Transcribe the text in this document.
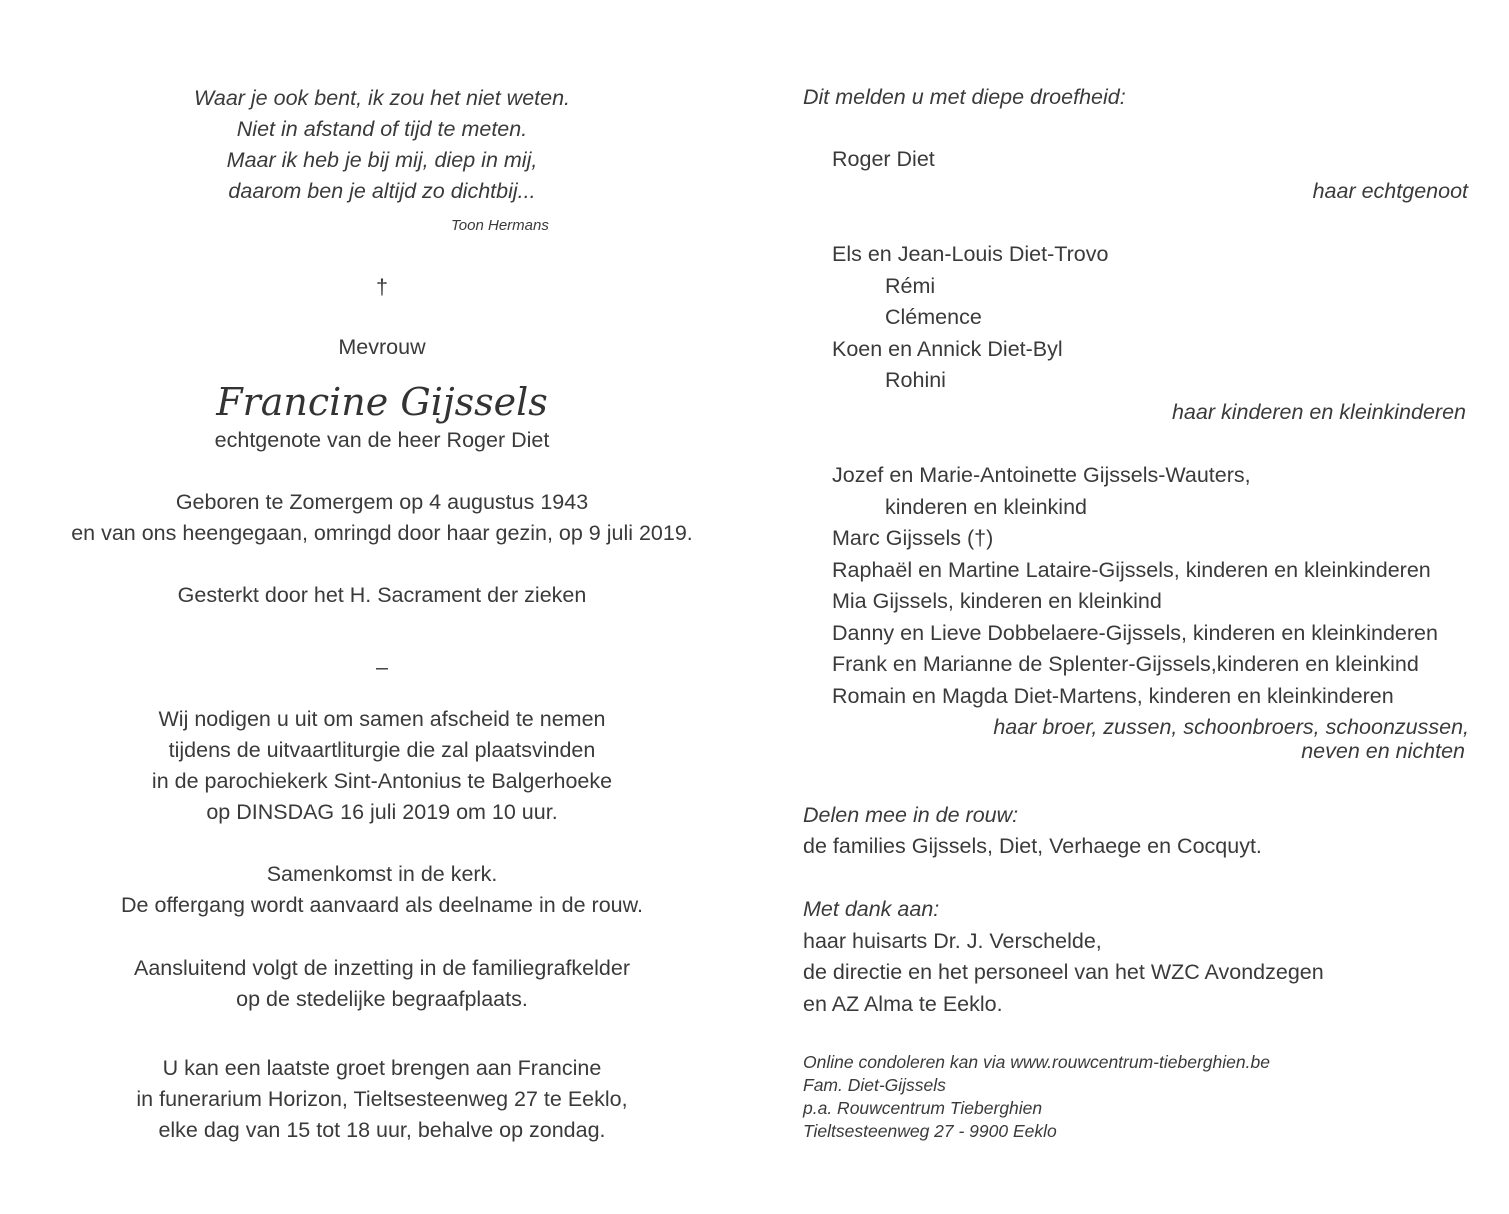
Waar je ook bent, ik zou het niet weten.
Niet in afstand of tijd te meten.
Maar ik heb je bij mij, diep in mij,
daarom ben je altijd zo dichtbij...
Toon Hermans
†
Mevrouw
Francine Gijssels
echtgenote van de heer Roger Diet
Geboren te Zomergem op 4 augustus 1943
en van ons heengegaan, omringd door haar gezin, op 9 juli 2019.
Gesterkt door het H. Sacrament der zieken
–
Wij nodigen u uit om samen afscheid te nemen
tijdens de uitvaartliturgie die zal plaatsvinden
in de parochiekerk Sint-Antonius te Balgerhoeke
op DINSDAG 16 juli 2019 om 10 uur.
Samenkomst in de kerk.
De offergang wordt aanvaard als deelname in de rouw.
Aansluitend volgt de inzetting in de familiegrafkelder
op de stedelijke begraafplaats.
U kan een laatste groet brengen aan Francine
in funerarium Horizon, Tieltsesteenweg 27 te Eeklo,
elke dag van 15 tot 18 uur, behalve op zondag.
Dit melden u met diepe droefheid:
Roger Diet
haar echtgenoot
Els en Jean-Louis Diet-Trovo
Rémi
Clémence
Koen en Annick Diet-Byl
Rohini
haar kinderen en kleinkinderen
Jozef en Marie-Antoinette Gijssels-Wauters,
kinderen en kleinkind
Marc Gijssels (†)
Raphaël en Martine Lataire-Gijssels, kinderen en kleinkinderen
Mia Gijssels, kinderen en kleinkind
Danny en Lieve Dobbelaere-Gijssels, kinderen en kleinkinderen
Frank en Marianne de Splenter-Gijssels,kinderen en kleinkind
Romain en Magda Diet-Martens, kinderen en kleinkinderen
haar broer, zussen, schoonbroers, schoonzussen,
neven en nichten
Delen mee in de rouw:
de families Gijssels, Diet, Verhaege en Cocquyt.
Met dank aan:
haar huisarts Dr. J. Verschelde,
de directie en het personeel van het WZC Avondzegen
en AZ Alma te Eeklo.
Online condoleren kan via www.rouwcentrum-tieberghien.be
Fam. Diet-Gijssels
p.a. Rouwcentrum Tieberghien
Tieltsesteenweg 27 - 9900 Eeklo
